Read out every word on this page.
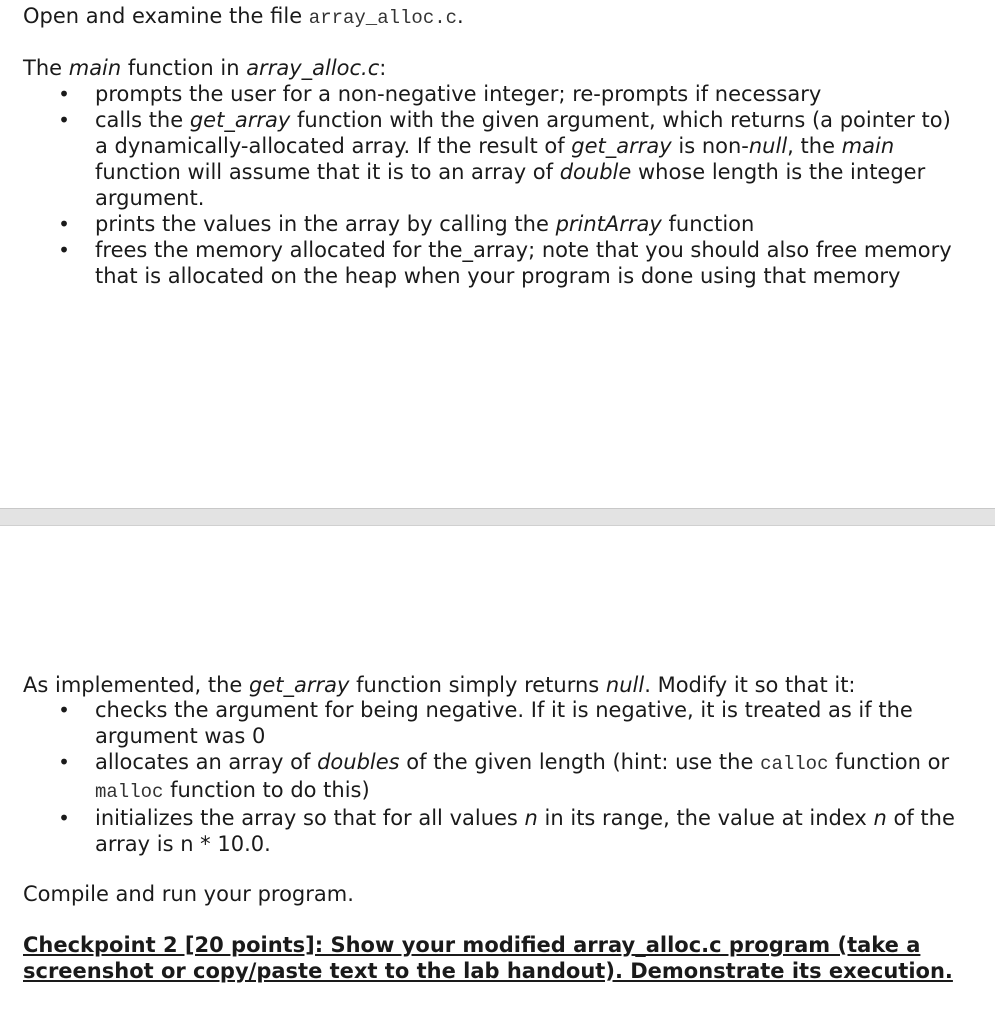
Open and examine the file array_alloc.c.

The main function in array_alloc.c:

• prompts the user for a non-negative integer; re-prompts if necessary
• calls the get_array function with the given argument, which returns (a pointer to) a dynamically-allocated array. If the result of get_array is non-null, the main function will assume that it is to an array of double whose length is the integer argument.
• prints the values in the array by calling the printArray function
• frees the memory allocated for the_array; note that you should also free memory that is allocated on the heap when your program is done using that memory

As implemented, the get_array function simply returns null. Modify it so that it:

• checks the argument for being negative. If it is negative, it is treated as if the argument was 0
• allocates an array of doubles of the given length (hint: use the calloc function or malloc function to do this)
• initializes the array so that for all values n in its range, the value at index n of the array is n * 10.0.

Compile and run your program.

Checkpoint 2 [20 points]: Show your modified array_alloc.c program (take a screenshot or copy/paste text to the lab handout). Demonstrate its execution.
